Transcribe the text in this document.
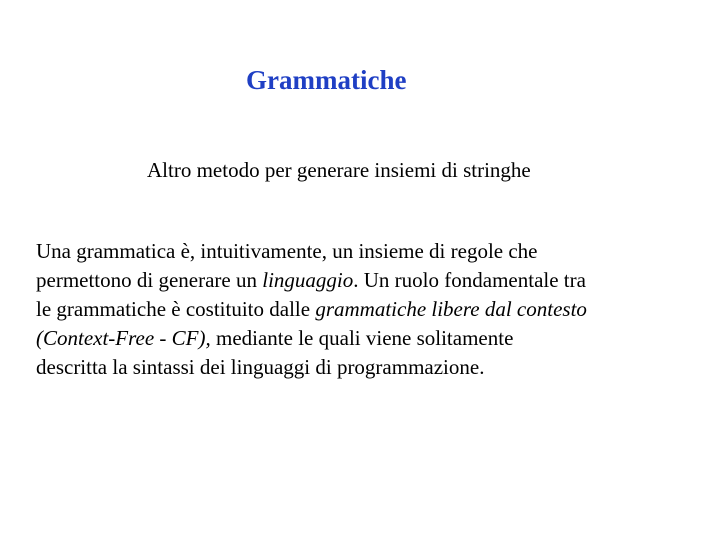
Grammatiche
Altro metodo per generare insiemi di stringhe
Una grammatica è, intuitivamente, un insieme di regole che
permettono di generare un linguaggio. Un ruolo fondamentale tra
le grammatiche è costituito dalle grammatiche libere dal contesto
(Context-Free - CF), mediante le quali viene solitamente
descritta la sintassi dei linguaggi di programmazione.
